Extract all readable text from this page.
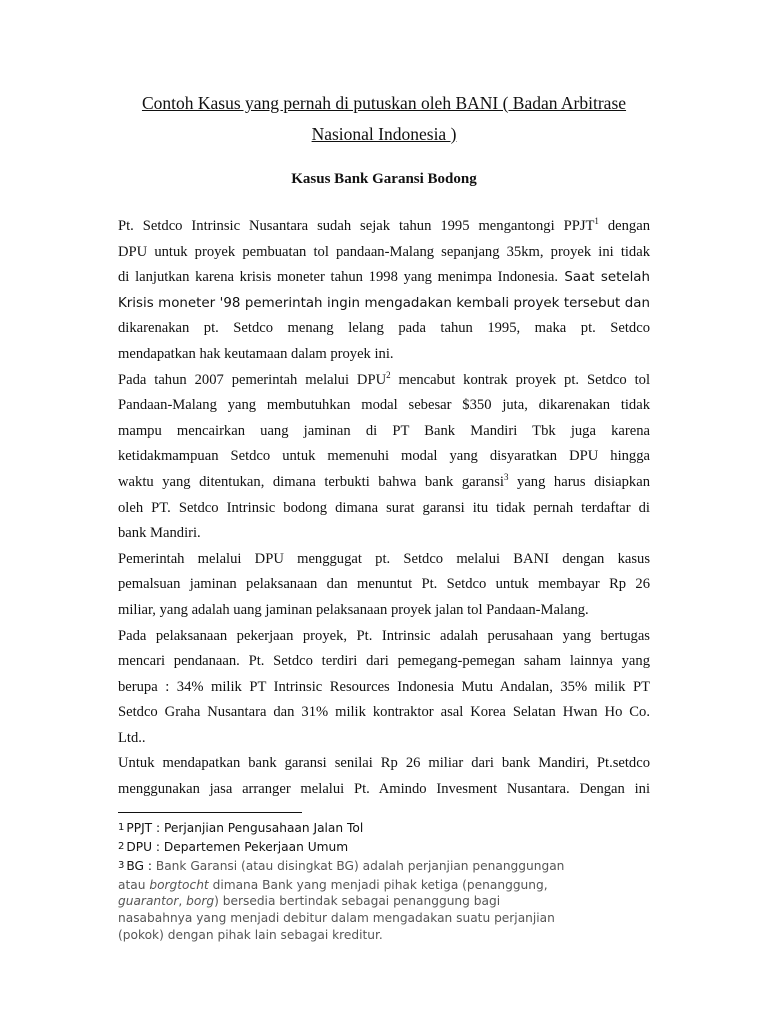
Contoh Kasus yang pernah di putuskan oleh BANI ( Badan Arbitrase
Nasional Indonesia )
Kasus Bank Garansi Bodong
Pt. Setdco Intrinsic Nusantara sudah sejak tahun 1995 mengantongi PPJT$^1$ dengan
DPU untuk proyek pembuatan tol pandaan-Malang sepanjang 35km, proyek ini tidak
di lanjutkan karena krisis moneter tahun 1998 yang menimpa Indonesia. Saat setelah
Krisis moneter '98 pemerintah ingin mengadakan kembali proyek tersebut dan
dikarenakan pt. Setdco menang lelang pada tahun 1995, maka pt. Setdco
mendapatkan hak keutamaan dalam proyek ini.
Pada tahun 2007 pemerintah melalui DPU$^2$ mencabut kontrak proyek pt. Setdco tol
Pandaan-Malang yang membutuhkan modal sebesar $350 juta, dikarenakan tidak
mampu mencairkan uang jaminan di PT Bank Mandiri Tbk juga karena
ketidakmampuan Setdco untuk memenuhi modal yang disyaratkan DPU hingga
waktu yang ditentukan, dimana terbukti bahwa bank garansi$^3$ yang harus disiapkan
oleh PT. Setdco Intrinsic bodong dimana surat garansi itu tidak pernah terdaftar di
bank Mandiri.
Pemerintah melalui DPU menggugat pt. Setdco melalui BANI dengan kasus
pemalsuan jaminan pelaksanaan dan menuntut Pt. Setdco untuk membayar Rp 26
miliar, yang adalah uang jaminan pelaksanaan proyek jalan tol Pandaan-Malang.
Pada pelaksanaan pekerjaan proyek, Pt. Intrinsic adalah perusahaan yang bertugas
mencari pendanaan. Pt. Setdco terdiri dari pemegang-pemegan saham lainnya yang
berupa : 34% milik PT Intrinsic Resources Indonesia Mutu Andalan, 35% milik PT
Setdco Graha Nusantara dan 31% milik kontraktor asal Korea Selatan Hwan Ho Co.
Ltd..
Untuk mendapatkan bank garansi senilai Rp 26 miliar dari bank Mandiri, Pt.setdco
menggunakan jasa arranger melalui Pt. Amindo Invesment Nusantara. Dengan ini
1 PPJT : Perjanjian Pengusahaan Jalan Tol
2 DPU : Departemen Pekerjaan Umum
3 BG : Bank Garansi (atau disingkat BG) adalah perjanjian penanggungan
atau borgtocht dimana Bank yang menjadi pihak ketiga (penanggung,
guarantor, borg) bersedia bertindak sebagai penanggung bagi
nasabahnya yang menjadi debitur dalam mengadakan suatu perjanjian
(pokok) dengan pihak lain sebagai kreditur.
